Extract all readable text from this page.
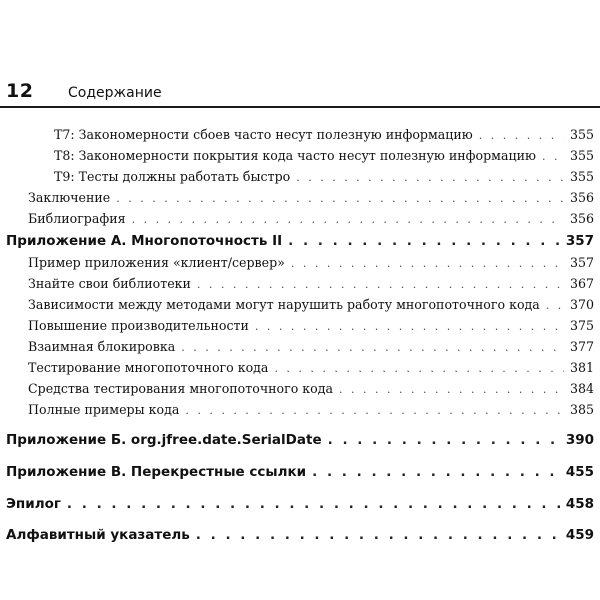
12 Содержание
T7: Закономерности сбоев часто несут полезную информацию . . .	355
T8: Закономерности покрытия кода часто несут полезную информацию . . .	355
T9: Тесты должны работать быстро . . .	355
Заключение . . .	356
Библиография . . .	356
Приложение А. Многопоточность II . . .	357
Пример приложения «клиент/сервер» . . .	357
Знайте свои библиотеки . . .	367
Зависимости между методами могут нарушить работу многопоточного кода . . . 370
Повышение производительности . . .	375
Взаимная блокировка . . .	377
Тестирование многопоточного кода . . .	381
Средства тестирования многопоточного кода . . .	384
Полные примеры кода . . .	385
Приложение Б. org.jfree.date.SerialDate . . .	390
Приложение В. Перекрестные ссылки . . .	455
Эпилог . . .	458
Алфавитный указатель . . .	459
